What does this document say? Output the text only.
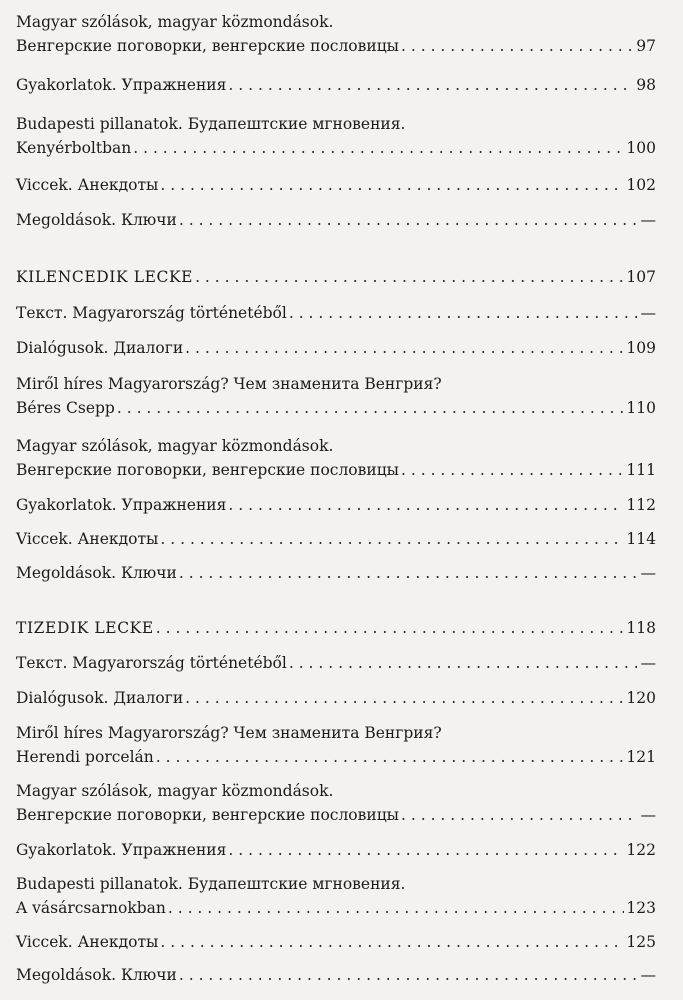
Magyar szólások, magyar közmondások.
Венгерские поговорки, венгерские пословицы . . .	97
Gyakorlatok. Упражнения . . .	98
Budapesti pillanatok. Будапештские мгновения.
Kenyérboltban . . .	100
Viccek. Анекдоты . . .	102
Megoldások. Ключи . . .	—
KILENCEDIK LECKE . . .	107
Текст. Magyarország történetéből . . .	—
Dialógusok. Диалоги . . .	109
Miről híres Magyarország? Чем знаменита Венгрия?
Béres Csepp . . .	110
Magyar szólások, magyar közmondások.
Венгерские поговорки, венгерские пословицы . . .	111
Gyakorlatok. Упражнения . . .	112
Viccek. Анекдоты . . .	114
Megoldások. Ключи . . .	—
TIZEDIK LECKE . . .	118
Текст. Magyarország történetéből . . .	—
Dialógusok. Диалоги . . .	120
Miről híres Magyarország? Чем знаменита Венгрия?
Herendi porcelán . . .	121
Magyar szólások, magyar közmondások.
Венгерские поговорки, венгерские пословицы . . .	—
Gyakorlatok. Упражнения . . .	122
Budapesti pillanatok. Будапештские мгновения.
A vásárcsarnokban . . .	123
Viccek. Анекдоты . . .	125
Megoldások. Ключи . . .	—
